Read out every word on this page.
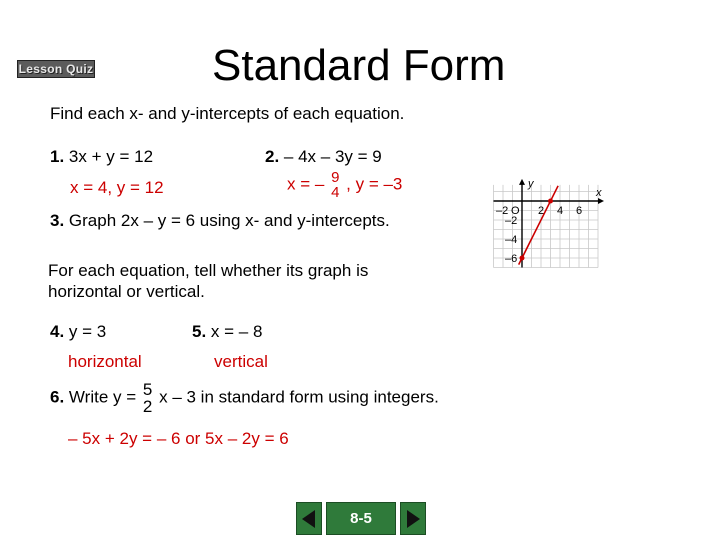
Lesson Quiz	Standard Form
Find each x- and y-intercepts of each equation.
1. 3x + y = 12
x = 4, y = 12
2. – 4x – 3y = 9
x = – 9
4 , y = –3
3. Graph 2x – y = 6 using x- and y-intercepts.
For each equation, tell whether its graph is
horizontal or vertical.
4. y = 3
horizontal
5. x = – 8
vertical
6. Write y = 5
2
x – 3 in standard form using integers.
– 5x + 2y = – 6 or 5x – 2y = 6
–2	2 4 6
–2
–4
–6
x
y
O
8-5
